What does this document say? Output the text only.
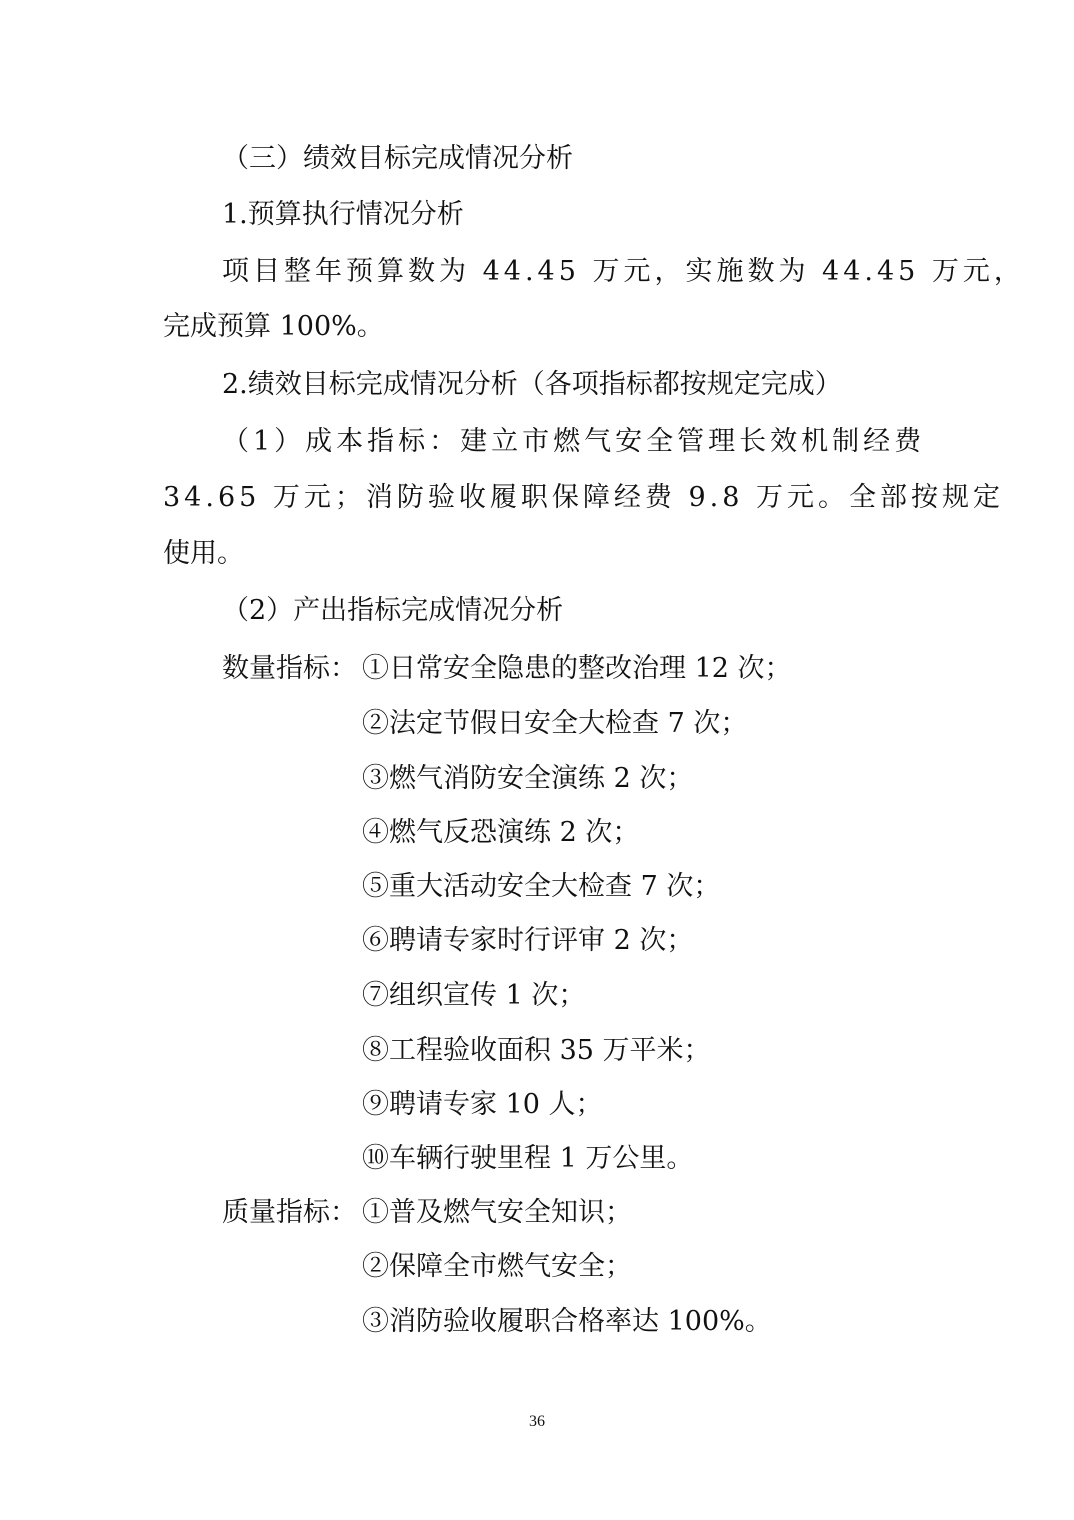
（三）绩效目标完成情况分析

1.预算执行情况分析

项目整年预算数为 44.45 万元，实施数为 44.45 万元，

完成预算 100%。

2.绩效目标完成情况分析（各项指标都按规定完成）

（1）成本指标：建立市燃气安全管理长效机制经费

34.65 万元；消防验收履职保障经费 9.8 万元。全部按规定

使用。

（2）产出指标完成情况分析

数量指标： ①日常安全隐患的整改治理 12 次；

②法定节假日安全大检查 7 次；

③燃气消防安全演练 2 次；

④燃气反恐演练 2 次；

⑤重大活动安全大检查 7 次；

⑥聘请专家时行评审 2 次；

⑦组织宣传 1 次；

⑧工程验收面积 35 万平米；

⑨聘请专家 10 人；

⑩车辆行驶里程 1 万公里。

质量指标： ①普及燃气安全知识；

②保障全市燃气安全；

③消防验收履职合格率达 100%。

36
